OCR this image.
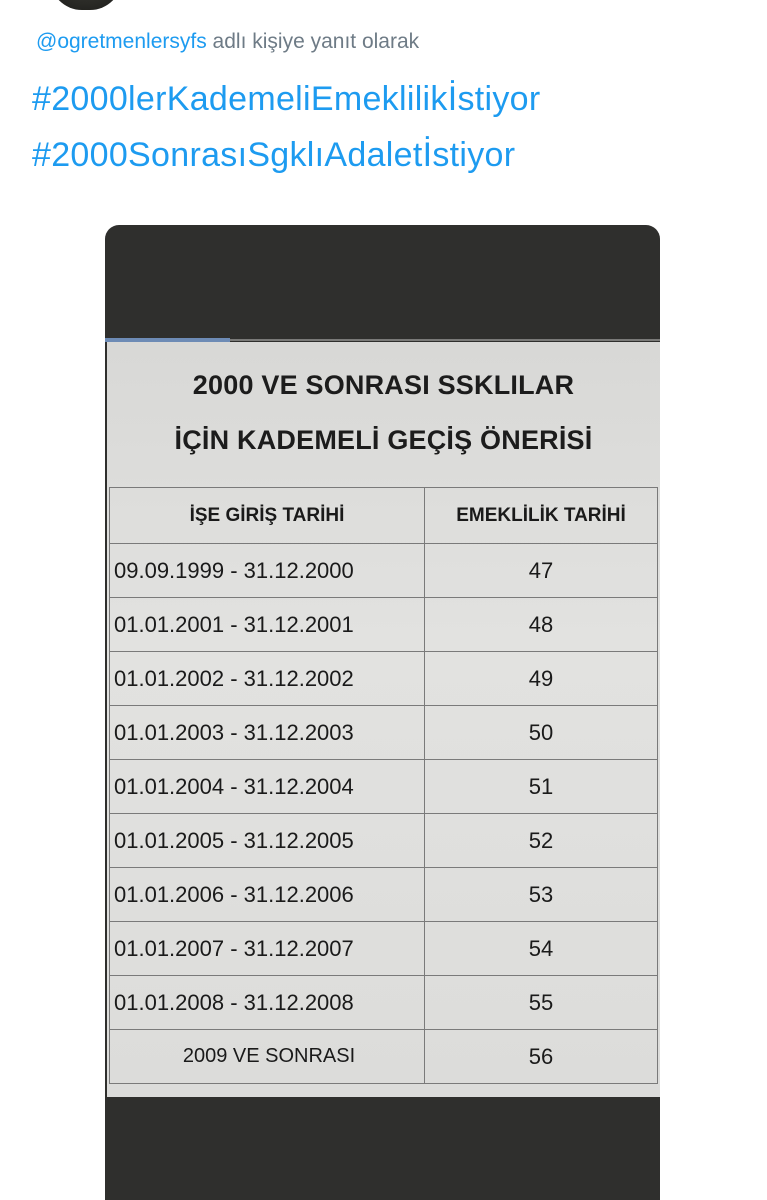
@ogretmenlersyfs adlı kişiye yanıt olarak
#2000lerKademeliEmeklilikİstiyor
#2000SonrasıSgklıAdaletİstiyor
2000 VE SONRASI SSKLILAR
İÇİN KADEMELİ GEÇİŞ ÖNERİSİ
İŞE GİRİŞ TARİHİ	EMEKLİLİK TARİHİ
09.09.1999 - 31.12.2000	47
01.01.2001 - 31.12.2001	48
01.01.2002 - 31.12.2002	49
01.01.2003 - 31.12.2003	50
01.01.2004 - 31.12.2004	51
01.01.2005 - 31.12.2005	52
01.01.2006 - 31.12.2006	53
01.01.2007 - 31.12.2007	54
01.01.2008 - 31.12.2008	55
2009 VE SONRASI	56
